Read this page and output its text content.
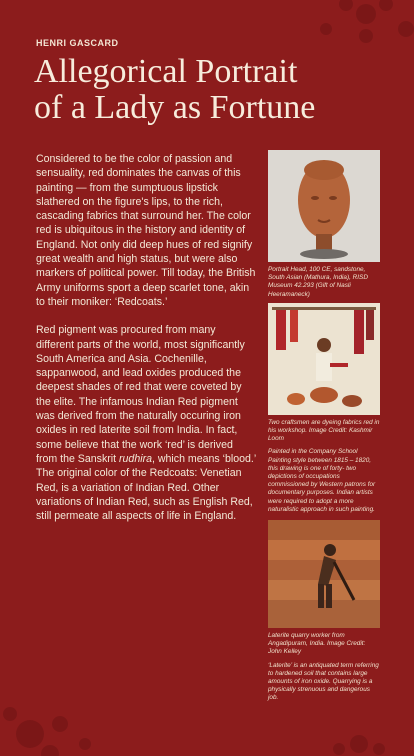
HENRI GASCARD
Allegorical Portrait
of a Lady as Fortune

Considered to be the color of passion and sensuality, red dominates the canvas of this painting — from the sumptuous lipstick slathered on the figure's lips, to the rich, cascading fabrics that surround her. The color red is ubiquitous in the history and identity of England. Not only did deep hues of red signify great wealth and high status, but were also markers of political power. Till today, the British Army uniforms sport a deep scarlet tone, akin to their moniker: ‘Redcoats.’

Red pigment was procured from many different parts of the world, most significantly South America and Asia. Cochenille, sappanwood, and lead oxides produced the deepest shades of red that were coveted by the elite. The infamous Indian Red pigment was derived from the naturally occuring iron oxides in red laterite soil from India. In fact, some believe that the work ‘red’ is derived from the Sanskrit rudhira, which means ‘blood.’ The original color of the Redcoats: Venetian Red, is a variation of Indian Red. Other variations of Indian Red, such as English Red, still permeate all aspects of life in England.

Portrait Head, 100 CE, sandstone, South Asian (Mathura, India), RISD Museum 42.293 (Gift of Nasli Heeramaneck)
Two craftsmen are dyeing fabrics red in his workshop. Image Credit: Kashmir Loom
Painted in the Company School Painting style between 1815 – 1820, this drawing is one of forty- two depictions of occupations commissioned by Western patrons for documentary purposes. Indian artists were required to adopt a more naturalistic approach in such painting.
Laterite quarry worker from Angadipuram, India. Image Credit: John Kelley
‘Laterite’ is an antiquated term referring to hardened soil that contains large amounts of iron oxide. Quarrying is a physically strenuous and dangerous job.
